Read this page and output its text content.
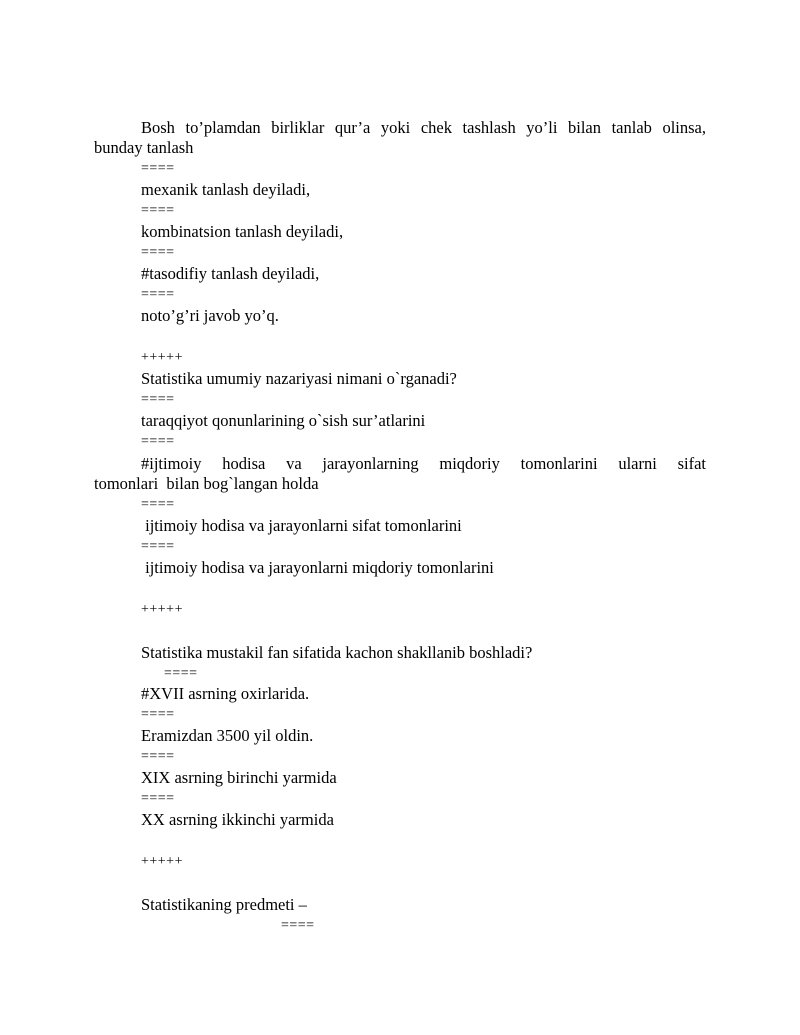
Bosh to’plamdan birliklar qur’a yoki chek tashlash yo’li bilan tanlab olinsa,
bunday tanlash
====
mexanik tanlash deyiladi,
====
kombinatsion tanlash deyiladi,
====
#tasodifiy tanlash deyiladi,
====
noto’g’ri javob yo’q.
+++++
Statistika umumiy nazariyasi nimani o`rganadi?
====
taraqqiyot qonunlarining o`sish sur’atlarini
====
#ijtimoiy hodisa va jarayonlarning miqdoriy tomonlarini ularni sifat
tomonlari  bilan bog`langan holda
====
ijtimoiy hodisa va jarayonlarni sifat tomonlarini
====
ijtimoiy hodisa va jarayonlarni miqdoriy tomonlarini
+++++
Statistika mustakil fan sifatida kachon shakllanib boshladi?
====
#XVII asrning oxirlarida.
====
Eramizdan 3500 yil oldin.
====
XIX asrning birinchi yarmida
====
XX asrning ikkinchi yarmida
+++++
Statistikaning predmeti –
====
